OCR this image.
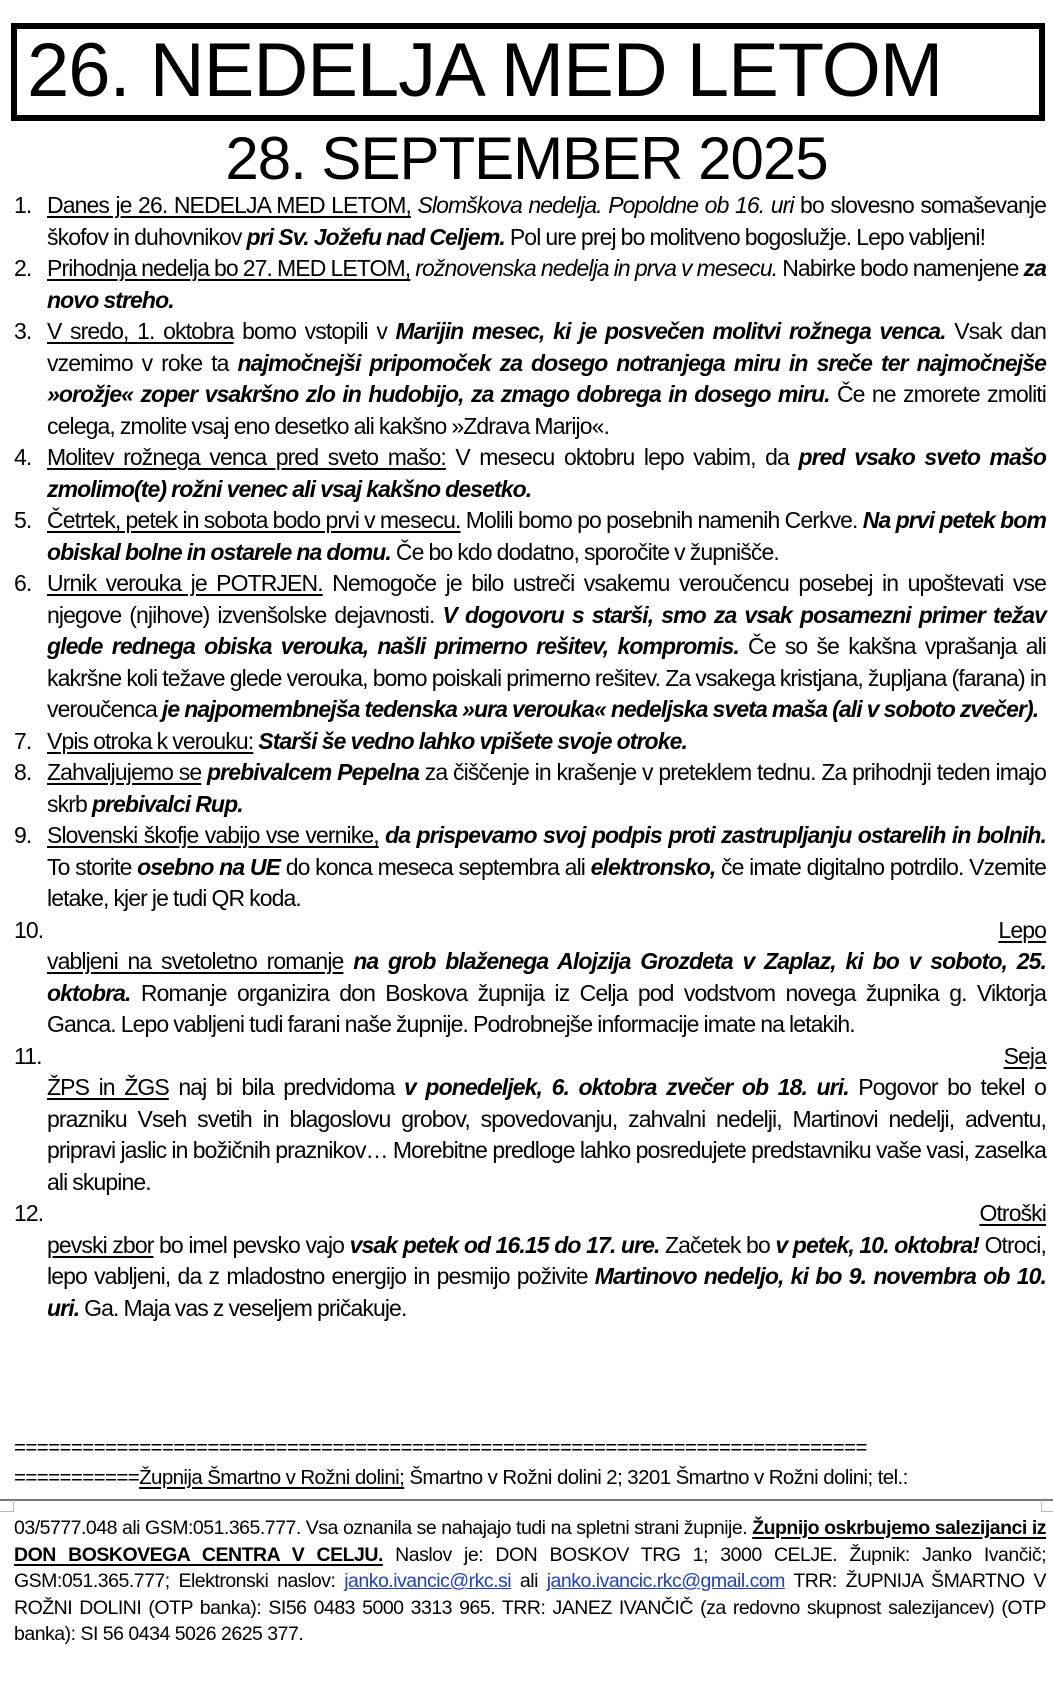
26. NEDELJA MED LETOM
28. SEPTEMBER 2025
1. Danes je 26. NEDELJA MED LETOM, Slomškova nedelja. Popoldne ob 16. uri bo slovesno somaševanje škofov in duhovnikov pri Sv. Jožefu nad Celjem. Pol ure prej bo molitveno bogoslužje. Lepo vabljeni!
2. Prihodnja nedelja bo 27. MED LETOM, rožnovenska nedelja in prva v mesecu. Nabirke bodo namenjene za novo streho.
3. V sredo, 1. oktobra bomo vstopili v Marijin mesec, ki je posvečen molitvi rožnega venca. Vsak dan vzemimo v roke ta najmočnejši pripomoček za dosego notranjega miru in sreče ter najmočnejše »orožje« zoper vsakršno zlo in hudobijo, za zmago dobrega in dosego miru. Če ne zmorete zmoliti celega, zmolite vsaj eno desetko ali kakšno »Zdrava Marijo«.
4. Molitev rožnega venca pred sveto mašo: V mesecu oktobru lepo vabim, da pred vsako sveto mašo zmolimo(te) rožni venec ali vsaj kakšno desetko.
5. Četrtek, petek in sobota bodo prvi v mesecu. Molili bomo po posebnih namenih Cerkve. Na prvi petek bom obiskal bolne in ostarele na domu. Če bo kdo dodatno, sporočite v župnišče.
6. Urnik verouka je POTRJEN. Nemogoče je bilo ustreči vsakemu veroučencu posebej in upoštevati vse njegove (njihove) izvenšolske dejavnosti. V dogovoru s starši, smo za vsak posamezni primer težav glede rednega obiska verouka, našli primerno rešitev, kompromis. Če so še kakšna vprašanja ali kakršne koli težave glede verouka, bomo poiskali primerno rešitev. Za vsakega kristjana, župljana (farana) in veroučenca je najpomembnejša tedenska »ura verouka« nedeljska sveta maša (ali v soboto zvečer).
7. Vpis otroka k verouku: Starši še vedno lahko vpišete svoje otroke.
8. Zahvaljujemo se prebivalcem Pepelna za čiščenje in krašenje v preteklem tednu. Za prihodnji teden imajo skrb prebivalci Rup.
9. Slovenski škofje vabijo vse vernike, da prispevamo svoj podpis proti zastrupljanju ostarelih in bolnih. To storite osebno na UE do konca meseca septembra ali elektronsko, če imate digitalno potrdilo. Vzemite letake, kjer je tudi QR koda.
10.	Lepo
vabljeni na svetoletno romanje na grob blaženega Alojzija Grozdeta v Zaplaz, ki bo v soboto, 25. oktobra. Romanje organizira don Boskova župnija iz Celja pod vodstvom novega župnika g. Viktorja Ganca. Lepo vabljeni tudi farani naše župnije. Podrobnejše informacije imate na letakih.
11.	Seja
ŽPS in ŽGS naj bi bila predvidoma v ponedeljek, 6. oktobra zvečer ob 18. uri. Pogovor bo tekel o prazniku Vseh svetih in blagoslovu grobov, spovedovanju, zahvalni nedelji, Martinovi nedelji, adventu, pripravi jaslic in božičnih praznikov… Morebitne predloge lahko posredujete predstavniku vaše vasi, zaselka ali skupine.
12.	Otroški
pevski zbor bo imel pevsko vajo vsak petek od 16.15 do 17. ure. Začetek bo v petek, 10. oktobra! Otroci, lepo vabljeni, da z mladostno energijo in pesmijo poživite Martinovo nedeljo, ki bo 9. novembra ob 10. uri. Ga. Maja vas z veseljem pričakuje.
===========================================================================
===========Župnija Šmartno v Rožni dolini; Šmartno v Rožni dolini 2; 3201 Šmartno v Rožni dolini; tel.:
03/5777.048 ali GSM:051.365.777. Vsa oznanila se nahajajo tudi na spletni strani župnije. Župnijo oskrbujemo salezijanci iz DON BOSKOVEGA CENTRA V CELJU. Naslov je: DON BOSKOV TRG 1; 3000 CELJE. Župnik: Janko Ivančič; GSM:051.365.777; Elektronski naslov: janko.ivancic@rkc.si ali janko.ivancic.rkc@gmail.com TRR: ŽUPNIJA ŠMARTNO V ROŽNI DOLINI (OTP banka): SI56 0483 5000 3313 965. TRR: JANEZ IVANČIČ (za redovno skupnost salezijancev) (OTP banka): SI 56 0434 5026 2625 377.
